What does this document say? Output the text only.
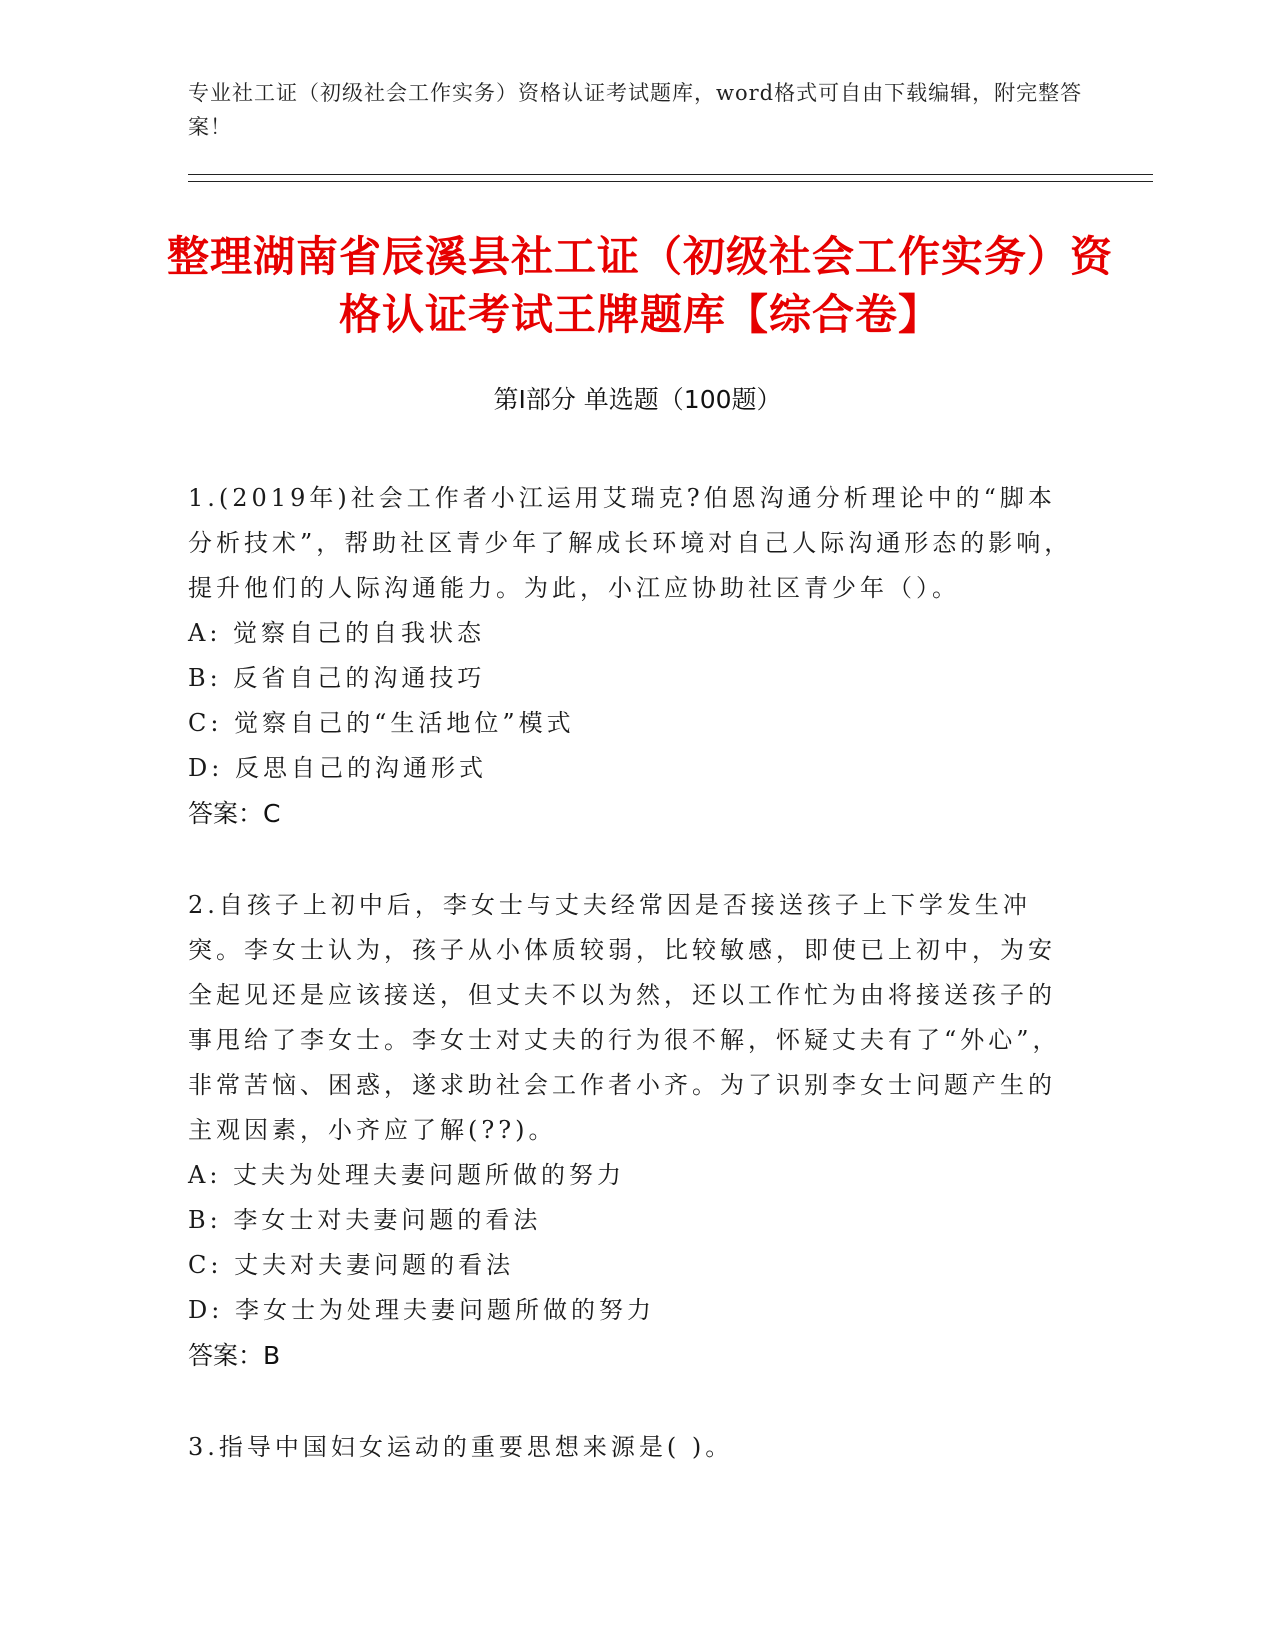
专业社工证（初级社会工作实务）资格认证考试题库，word格式可自由下载编辑，附完整答案！
整理湖南省辰溪县社工证（初级社会工作实务）资格认证考试王牌题库【综合卷】
第Ⅰ部分 单选题（100题）
1.(2019年)社会工作者小江运用艾瑞克?伯恩沟通分析理论中的“脚本分析技术”，帮助社区青少年了解成长环境对自己人际沟通形态的影响，提升他们的人际沟通能力。为此，小江应协助社区青少年（）。
A: 觉察自己的自我状态
B: 反省自己的沟通技巧
C: 觉察自己的“生活地位”模式
D: 反思自己的沟通形式
答案：C
2.自孩子上初中后，李女士与丈夫经常因是否接送孩子上下学发生冲突。李女士认为，孩子从小体质较弱，比较敏感，即使已上初中，为安全起见还是应该接送，但丈夫不以为然，还以工作忙为由将接送孩子的事甩给了李女士。李女士对丈夫的行为很不解，怀疑丈夫有了“外心”，非常苦恼、困惑，遂求助社会工作者小齐。为了识别李女士问题产生的主观因素，小齐应了解(??)。
A: 丈夫为处理夫妻问题所做的努力
B: 李女士对夫妻问题的看法
C: 丈夫对夫妻问题的看法
D: 李女士为处理夫妻问题所做的努力
答案：B
3.指导中国妇女运动的重要思想来源是( )。
